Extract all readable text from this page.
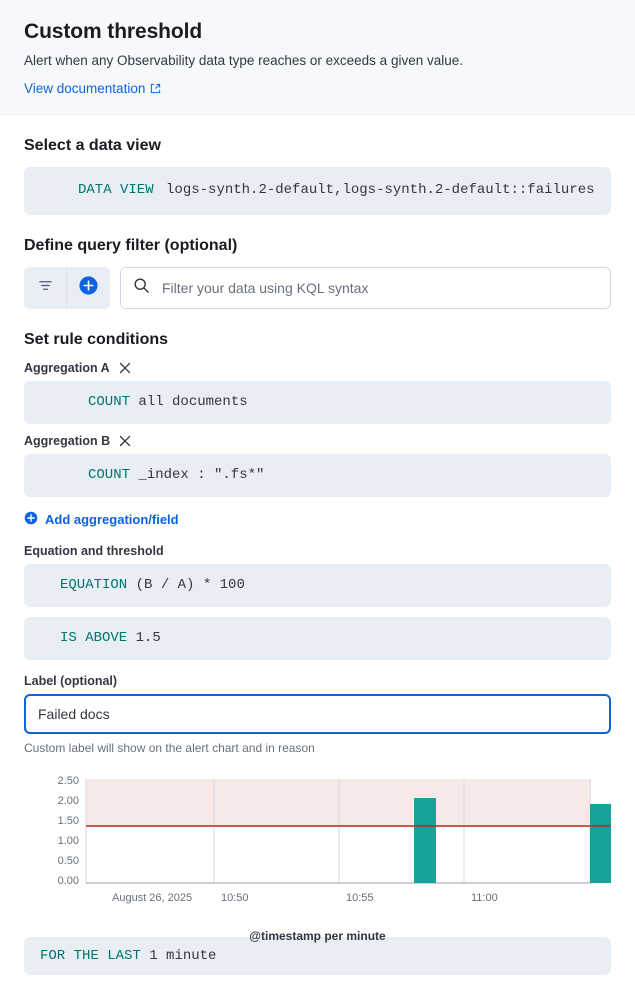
Custom threshold

Alert when any Observability data type reaches or exceeds a given value.

View documentation
Select a data view
DATA VIEW logs-synth.2-default,logs-synth.2-default::failures
Define query filter (optional)
Filter your data using KQL syntax
Set rule conditions
Aggregation A
COUNT all documents
Aggregation B
COUNT _index : ".fs*"
Add aggregation/field
Equation and threshold
EQUATION (B / A) * 100
IS ABOVE 1.5
Label (optional)
Failed docs

Custom label will show on the alert chart and in reason

2.50
2.00
1.50
1.00
0.50
0.00
August 26, 2025	10:50	10:55	11:00
@timestamp per minute
FOR THE LAST 1 minute
